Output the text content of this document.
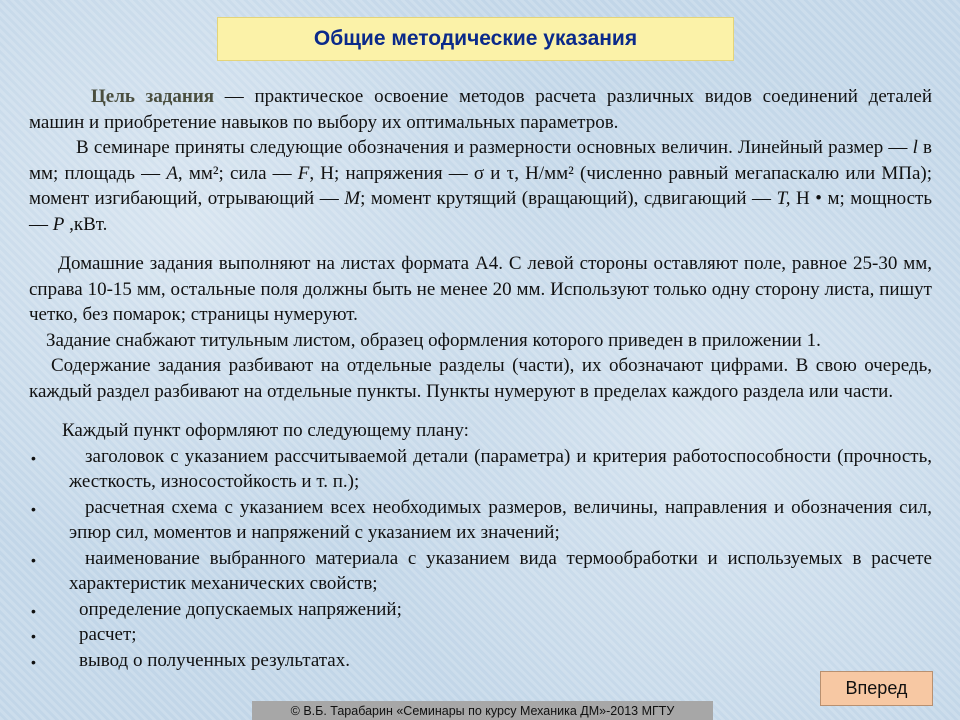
Общие методические указания

Цель задания — практическое освоение методов расчета различных видов соединений деталей машин и приобретение навыков по выбору их оптимальных параметров.

В семинаре приняты следующие обозначения и размерности основных величин. Линейный размер — l в мм; площадь — А, мм²; сила — F, Н; напряжения — σ и τ, Н/мм² (численно равный мегапаскалю или МПа); момент изгибающий, отрывающий — M; момент крутящий (вращающий), сдвигающий — T, Н • м; мощность — P ,кВт.

Домашние задания выполняют на листах формата А4. С левой стороны оставляют поле, равное 25-30 мм, справа 10-15 мм, остальные поля должны быть не менее 20 мм. Используют только одну сторону листа, пишут четко, без помарок; страницы нумеруют.

Задание снабжают титульным листом, образец оформления которого приведен в приложении 1.

Содержание задания разбивают на отдельные разделы (части), их обозначают цифрами. В свою очередь, каждый раздел разбивают на отдельные пункты. Пункты нумеруют в пределах каждого раздела или части.

Каждый пункт оформляют по следующему плану:

•	заголовок с указанием рассчитываемой детали (параметра) и критерия работоспособности (прочность, жесткость, износостойкость и т. п.);
•	расчетная схема с указанием всех необходимых размеров, величины, направления и обозначения сил, эпюр сил, моментов и напряжений с указанием их значений;
•	наименование выбранного материала с указанием вида термообработки и используемых в расчете характеристик механических свойств;
•	определение допускаемых напряжений;
•	расчет;
•	вывод о полученных результатах.
Вперед
© В.Б. Тарабарин «Семинары по курсу Механика ДМ»-2013 МГТУ
